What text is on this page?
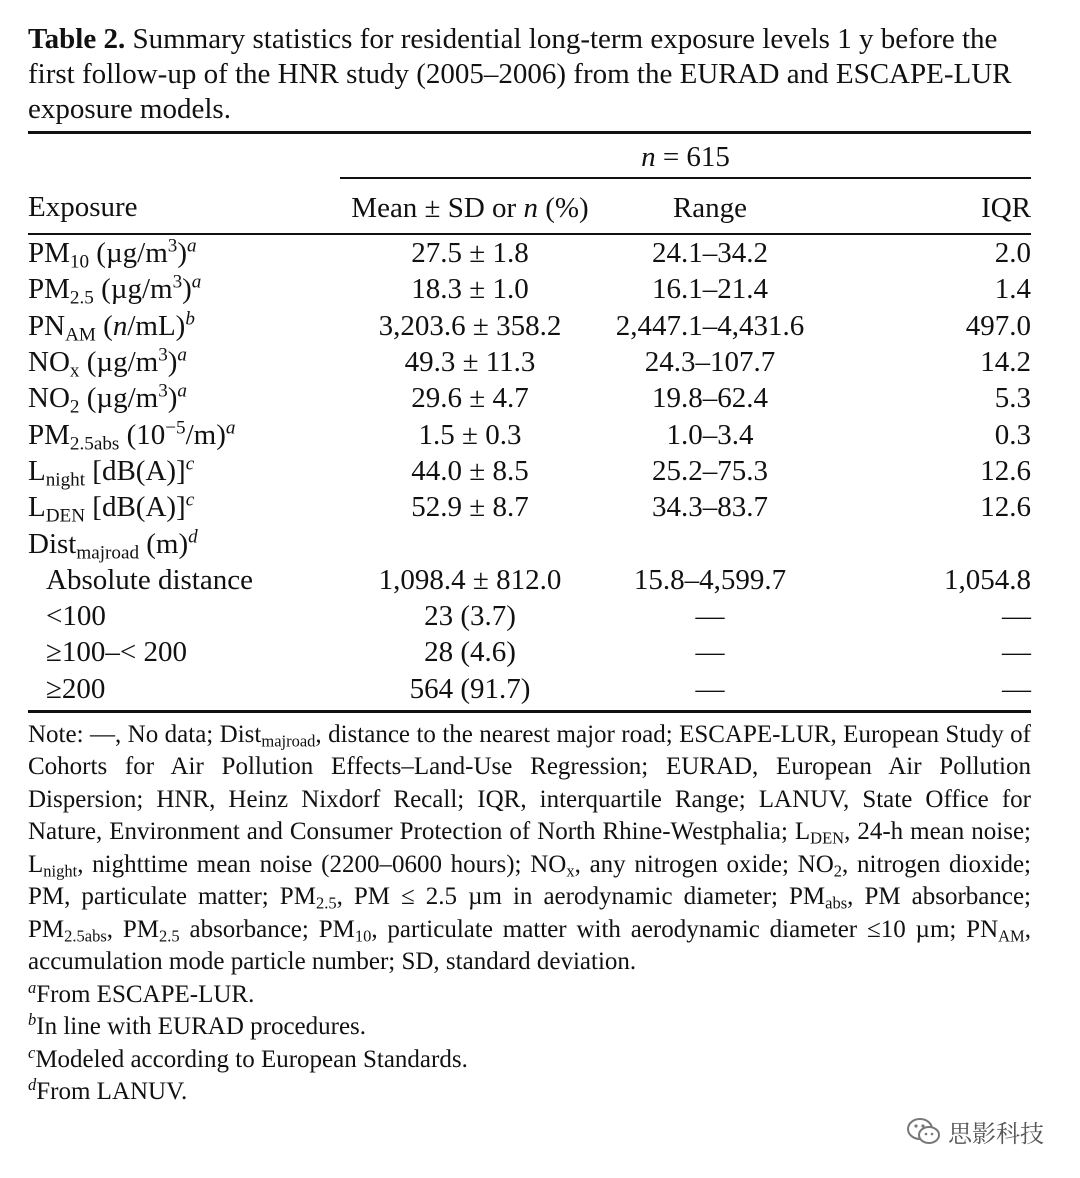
Table 2. Summary statistics for residential long-term exposure levels 1 y before the first follow-up of the HNR study (2005–2006) from the EURAD and ESCAPE-LUR exposure models.

	n = 615		
Exposure	Mean ± SD or n (%)	Range	IQR

$PM_{10}$ $(\mu g/m^3)^a$	27.5 ± 1.8	24.1–34.2	2.0
$PM_{2.5}$ $(\mu g/m^3)^a$	18.3 ± 1.0	16.1–21.4	1.4
$PN_{AM}$ $(n/mL)^b$	3,203.6 ± 358.2	2,447.1–4,431.6	497.0
$NO_x$ $(\mu g/m^3)^a$	49.3 ± 11.3	24.3–107.7	14.2
$NO_2$ $(\mu g/m^3)^a$	29.6 ± 4.7	19.8–62.4	5.3
$PM_{2.5abs}$ $(10^{-5}/m)^a$	1.5 ± 0.3	1.0–3.4	0.3
$L_{night}$ $[dB(A)]^c$	44.0 ± 8.5	25.2–75.3	12.6
$L_{DEN}$ $[dB(A)]^c$	52.9 ± 8.7	34.3–83.7	12.6
Dist$_{majroad}$ $(m)^d$			
Absolute distance	1,098.4 ± 812.0	15.8–4,599.7	1,054.8
<100	23 (3.7)	—	—
≥100–< 200	28 (4.6)	—	—
≥200	564 (91.7)	—	—

Note: —, No data; Dist$_{majroad}$, distance to the nearest major road; ESCAPE-LUR, European Study of Cohorts for Air Pollution Effects–Land-Use Regression; EURAD, European Air Pollution Dispersion; HNR, Heinz Nixdorf Recall; IQR, interquartile Range; LANUV, State Office for Nature, Environment and Consumer Protection of North Rhine-Westphalia; $L_{DEN}$, 24-h mean noise; $L_{night}$, nighttime mean noise (2200–0600 hours); $NO_x$, any nitrogen oxide; $NO_2$, nitrogen dioxide; PM, particulate matter; $PM_{2.5}$, PM ≤ 2.5 µm in aerodynamic diameter; $PM_{abs}$, PM absorbance; $PM_{2.5abs}$, $PM_{2.5}$ absorbance; $PM_{10}$, particulate matter with aerodynamic diameter ≤10 µm; $PN_{AM}$, accumulation mode particle number; SD, standard deviation.

$^a$From ESCAPE-LUR.

$^b$In line with EURAD procedures.

$^c$Modeled according to European Standards.

$^d$From LANUV.

思影科技
